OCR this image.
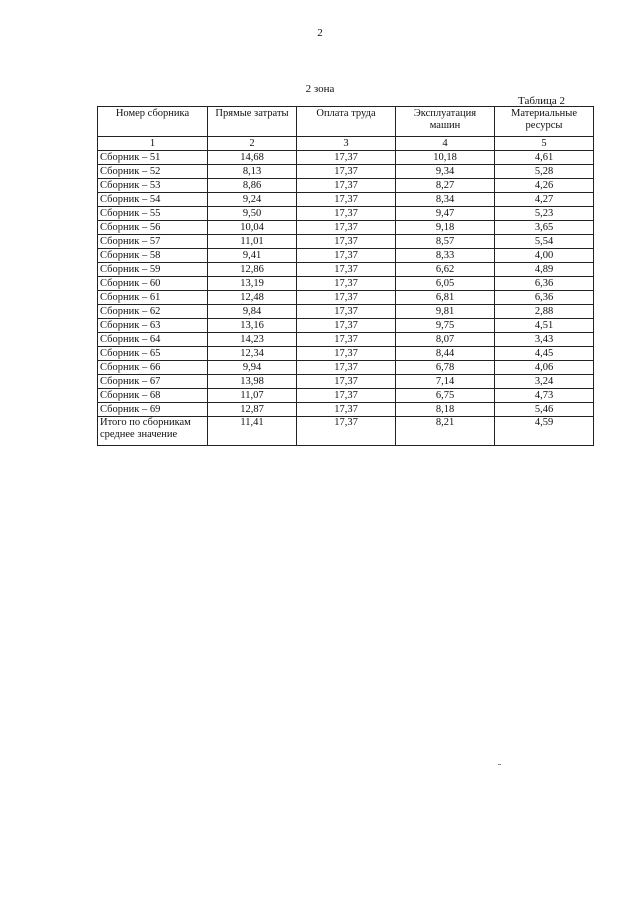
2
2 зона
Таблица 2
Номер сборника	Прямые затраты	Оплата труда	Эксплуатация машин	Материальные ресурсы
1	2	3	4	5
Сборник – 51	14,68	17,37	10,18	4,61
Сборник – 52	8,13	17,37	9,34	5,28
Сборник – 53	8,86	17,37	8,27	4,26
Сборник – 54	9,24	17,37	8,34	4,27
Сборник – 55	9,50	17,37	9,47	5,23
Сборник – 56	10,04	17,37	9,18	3,65
Сборник – 57	11,01	17,37	8,57	5,54
Сборник – 58	9,41	17,37	8,33	4,00
Сборник – 59	12,86	17,37	6,62	4,89
Сборник – 60	13,19	17,37	6,05	6,36
Сборник – 61	12,48	17,37	6,81	6,36
Сборник – 62	9,84	17,37	9,81	2,88
Сборник – 63	13,16	17,37	9,75	4,51
Сборник – 64	14,23	17,37	8,07	3,43
Сборник – 65	12,34	17,37	8,44	4,45
Сборник – 66	9,94	17,37	6,78	4,06
Сборник – 67	13,98	17,37	7,14	3,24
Сборник – 68	11,07	17,37	6,75	4,73
Сборник – 69	12,87	17,37	8,18	5,46
Итого по сборникам среднее значение	11,41	17,37	8,21	4,59
